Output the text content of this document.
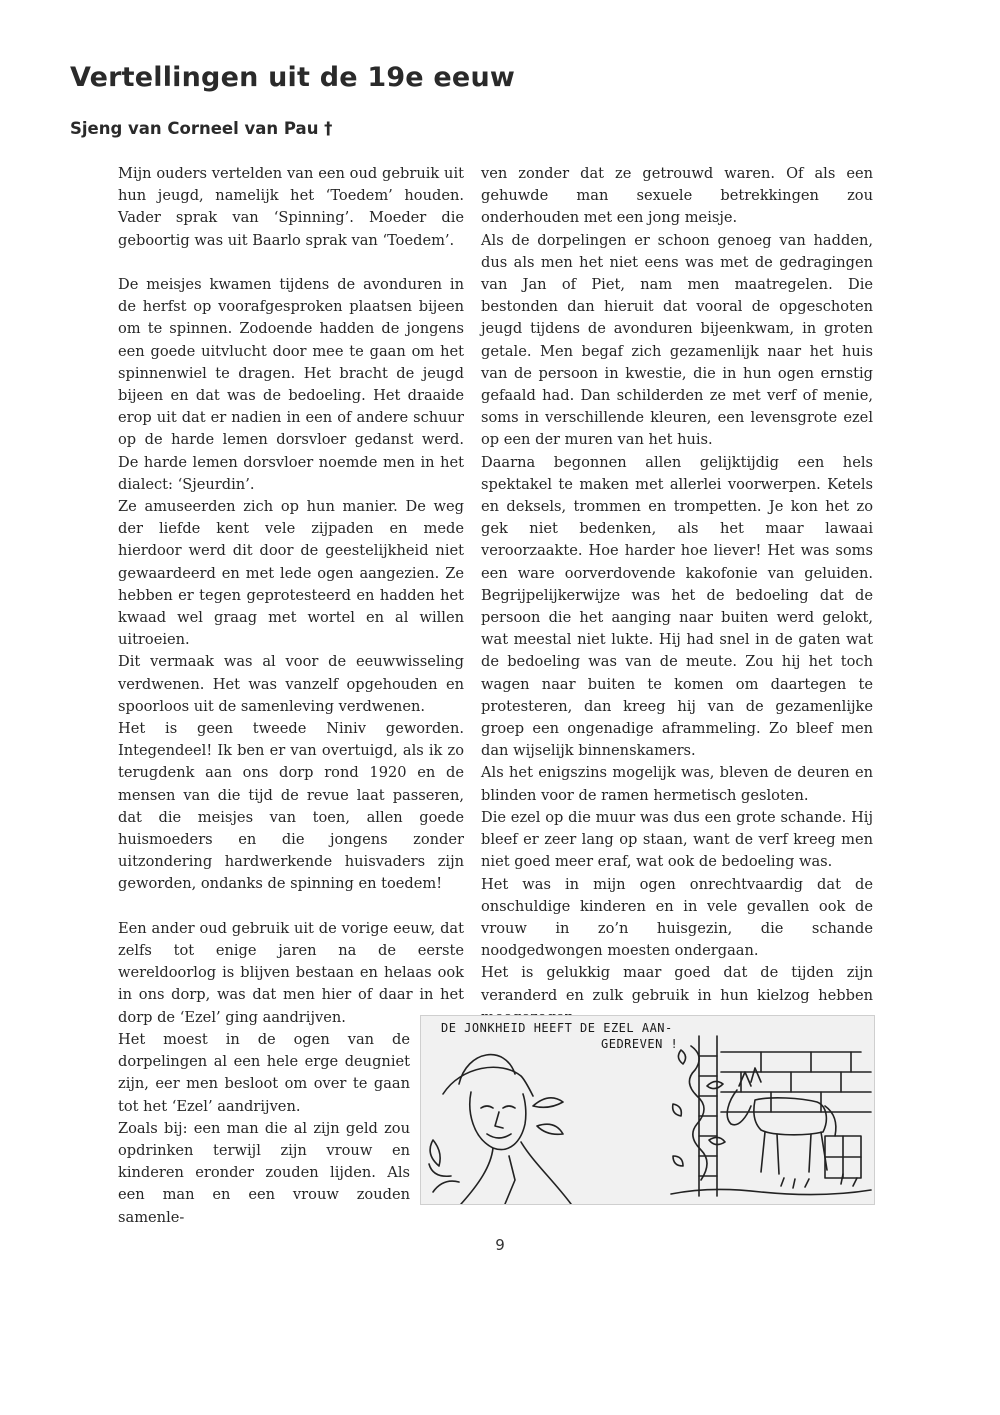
Vertellingen uit de 19e eeuw
Sjeng van Corneel van Pau †

Mijn ouders vertelden van een oud gebruik uit hun jeugd, namelijk het ‘Toedem’ houden. Vader sprak van ‘Spinning’. Moeder die geboortig was uit Baarlo sprak van ‘Toedem’.

De meisjes kwamen tijdens de avonduren in de herfst op voorafgesproken plaatsen bijeen om te spinnen. Zodoende hadden de jongens een goede uitvlucht door mee te gaan om het spinnenwiel te dragen. Het bracht de jeugd bijeen en dat was de bedoeling. Het draaide erop uit dat er nadien in een of andere schuur op de harde lemen dorsvloer gedanst werd. De harde lemen dorsvloer noemde men in het dialect: ‘Sjeurdin’.

Ze amuseerden zich op hun manier. De weg der liefde kent vele zijpaden en mede hierdoor werd dit door de geestelijkheid niet gewaardeerd en met lede ogen aangezien. Ze hebben er tegen geprotesteerd en hadden het kwaad wel graag met wortel en al willen uitroeien.

Dit vermaak was al voor de eeuwwisseling verdwenen. Het was vanzelf opgehouden en spoorloos uit de samenleving verdwenen.

Het is geen tweede Niniv geworden. Integendeel! Ik ben er van overtuigd, als ik zo terugdenk aan ons dorp rond 1920 en de mensen van die tijd de revue laat passeren, dat die meisjes van toen, allen goede huismoeders en die jongens zonder uitzondering hardwerkende huisvaders zijn geworden, ondanks de spinning en toedem!

Een ander oud gebruik uit de vorige eeuw, dat zelfs tot enige jaren na de eerste wereldoorlog is blijven bestaan en helaas ook in ons dorp, was dat men hier of daar in het dorp de ‘Ezel’ ging aandrijven.

Het moest in de ogen van de dorpelingen al een hele erge deugniet zijn, eer men besloot om over te gaan tot het ‘Ezel’ aandrijven.

Zoals bij: een man die al zijn geld zou opdrinken terwijl zijn vrouw en kinderen eronder zouden lijden. Als een man en een vrouw zouden samenle-

ven zonder dat ze getrouwd waren. Of als een gehuwde man sexuele betrekkingen zou onderhouden met een jong meisje.

Als de dorpelingen er schoon genoeg van hadden, dus als men het niet eens was met de gedragingen van Jan of Piet, nam men maatregelen. Die bestonden dan hieruit dat vooral de opgeschoten jeugd tijdens de avonduren bijeenkwam, in groten getale. Men begaf zich gezamenlijk naar het huis van de persoon in kwestie, die in hun ogen ernstig gefaald had. Dan schilderden ze met verf of menie, soms in verschillende kleuren, een levensgrote ezel op een der muren van het huis.

Daarna begonnen allen gelijktijdig een hels spektakel te maken met allerlei voorwerpen. Ketels en deksels, trommen en trompetten. Je kon het zo gek niet bedenken, als het maar lawaai veroorzaakte. Hoe harder hoe liever! Het was soms een ware oorverdovende kakofonie van geluiden. Begrijpelijkerwijze was het de bedoeling dat de persoon die het aanging naar buiten werd gelokt, wat meestal niet lukte. Hij had snel in de gaten wat de bedoeling was van de meute. Zou hij het toch wagen naar buiten te komen om daartegen te protesteren, dan kreeg hij van de gezamenlijke groep een ongenadige aframmeling. Zo bleef men dan wijselijk binnenskamers.

Als het enigszins mogelijk was, bleven de deuren en blinden voor de ramen hermetisch gesloten.

Die ezel op die muur was dus een grote schande. Hij bleef er zeer lang op staan, want de verf kreeg men niet goed meer eraf, wat ook de bedoeling was.

Het was in mijn ogen onrechtvaardig dat de onschuldige kinderen en in vele gevallen ook de vrouw in zo’n huisgezin, die schande noodgedwongen moesten ondergaan.

Het is gelukkig maar goed dat de tijden zijn veranderd en zulk gebruik in hun kielzog hebben

DE JONKHEID HEEFT DE EZEL AAN-
GEDREVEN !
9
